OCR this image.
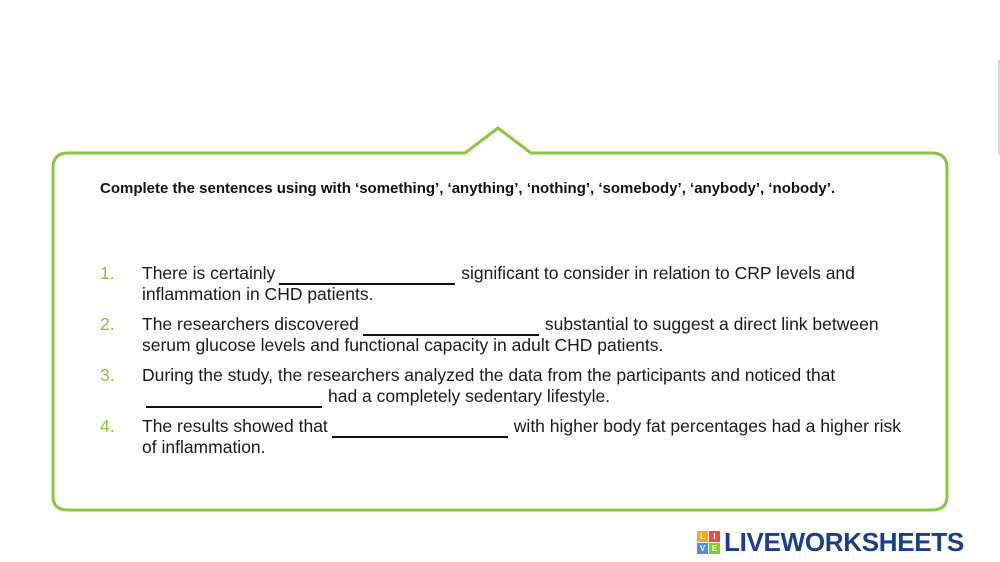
Complete the sentences using with ‘something’, ‘anything’, ‘nothing’, ‘somebody’, ‘anybody’, ‘nobody’.

1.	There is certainly	significant to consider in relation to CRP levels and inflammation in CHD patients.
2.	The researchers discovered	substantial to suggest a direct link between serum glucose levels and functional capacity in adult CHD patients.
3.	During the study, the researchers analyzed the data from the participants and noticed thathad a completely sedentary lifestyle.
4.	The results showed that	with higher body fat percentages had a higher risk of inflammation.
L	I
V E LIVEWORKSHEETS
